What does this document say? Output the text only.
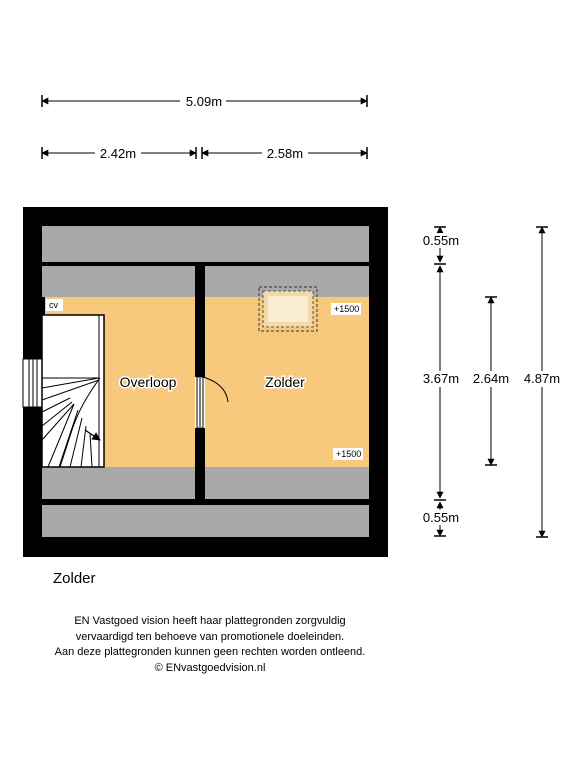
5.09m
2.42m	2.58m
Overloop	Zolder
cv	+1500
+1500
0.55m
3.67m
0.55m
2.64m 4.87m
Zolder
EN Vastgoed vision heeft haar plattegronden zorgvuldig
vervaardigd ten behoeve van promotionele doeleinden.
Aan deze plattegronden kunnen geen rechten worden ontleend.
© ENvastgoedvision.nl
